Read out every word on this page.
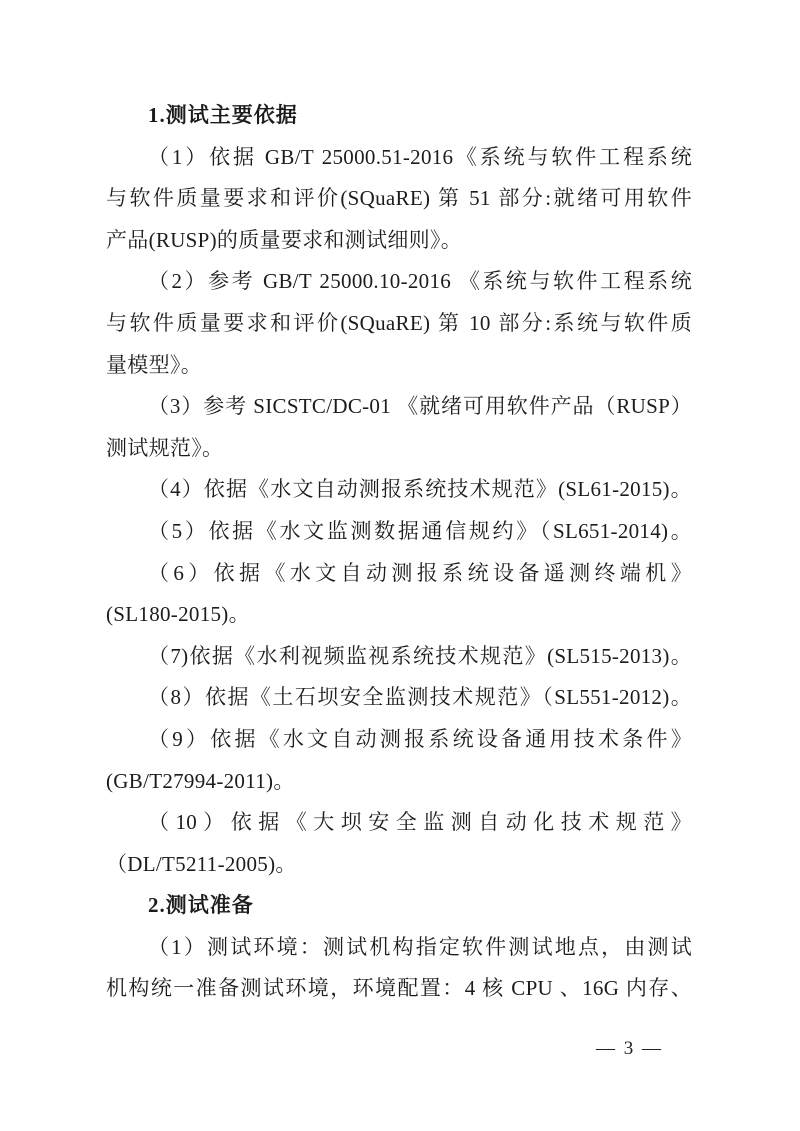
1.测试主要依据
（1）依据 GB/T 25000.51-2016《系统与软件工程系统
与软件质量要求和评价(SQuaRE) 第 51 部分:就绪可用软件
产品(RUSP)的质量要求和测试细则》。
（2）参考 GB/T 25000.10-2016 《系统与软件工程系统
与软件质量要求和评价(SQuaRE) 第 10 部分:系统与软件质
量模型》。
（3）参考 SICSTC/DC-01 《就绪可用软件产品（RUSP）
测试规范》。
（4）依据《水文自动测报系统技术规范》(SL61-2015)。
（5）依据《水文监测数据通信规约》（SL651-2014)。
（6）依据《水文自动测报系统设备遥测终端机》
(SL180-2015)。
（7)依据《水利视频监视系统技术规范》(SL515-2013)。
（8）依据《土石坝安全监测技术规范》（SL551-2012)。
（9）依据《水文自动测报系统设备通用技术条件》
(GB/T27994-2011)。
（10）依据《大坝安全监测自动化技术规范》
（DL/T5211-2005)。
2.测试准备
（1）测试环境：测试机构指定软件测试地点，由测试
机构统一准备测试环境，环境配置：4 核 CPU 、16G 内存、
— 3 —
